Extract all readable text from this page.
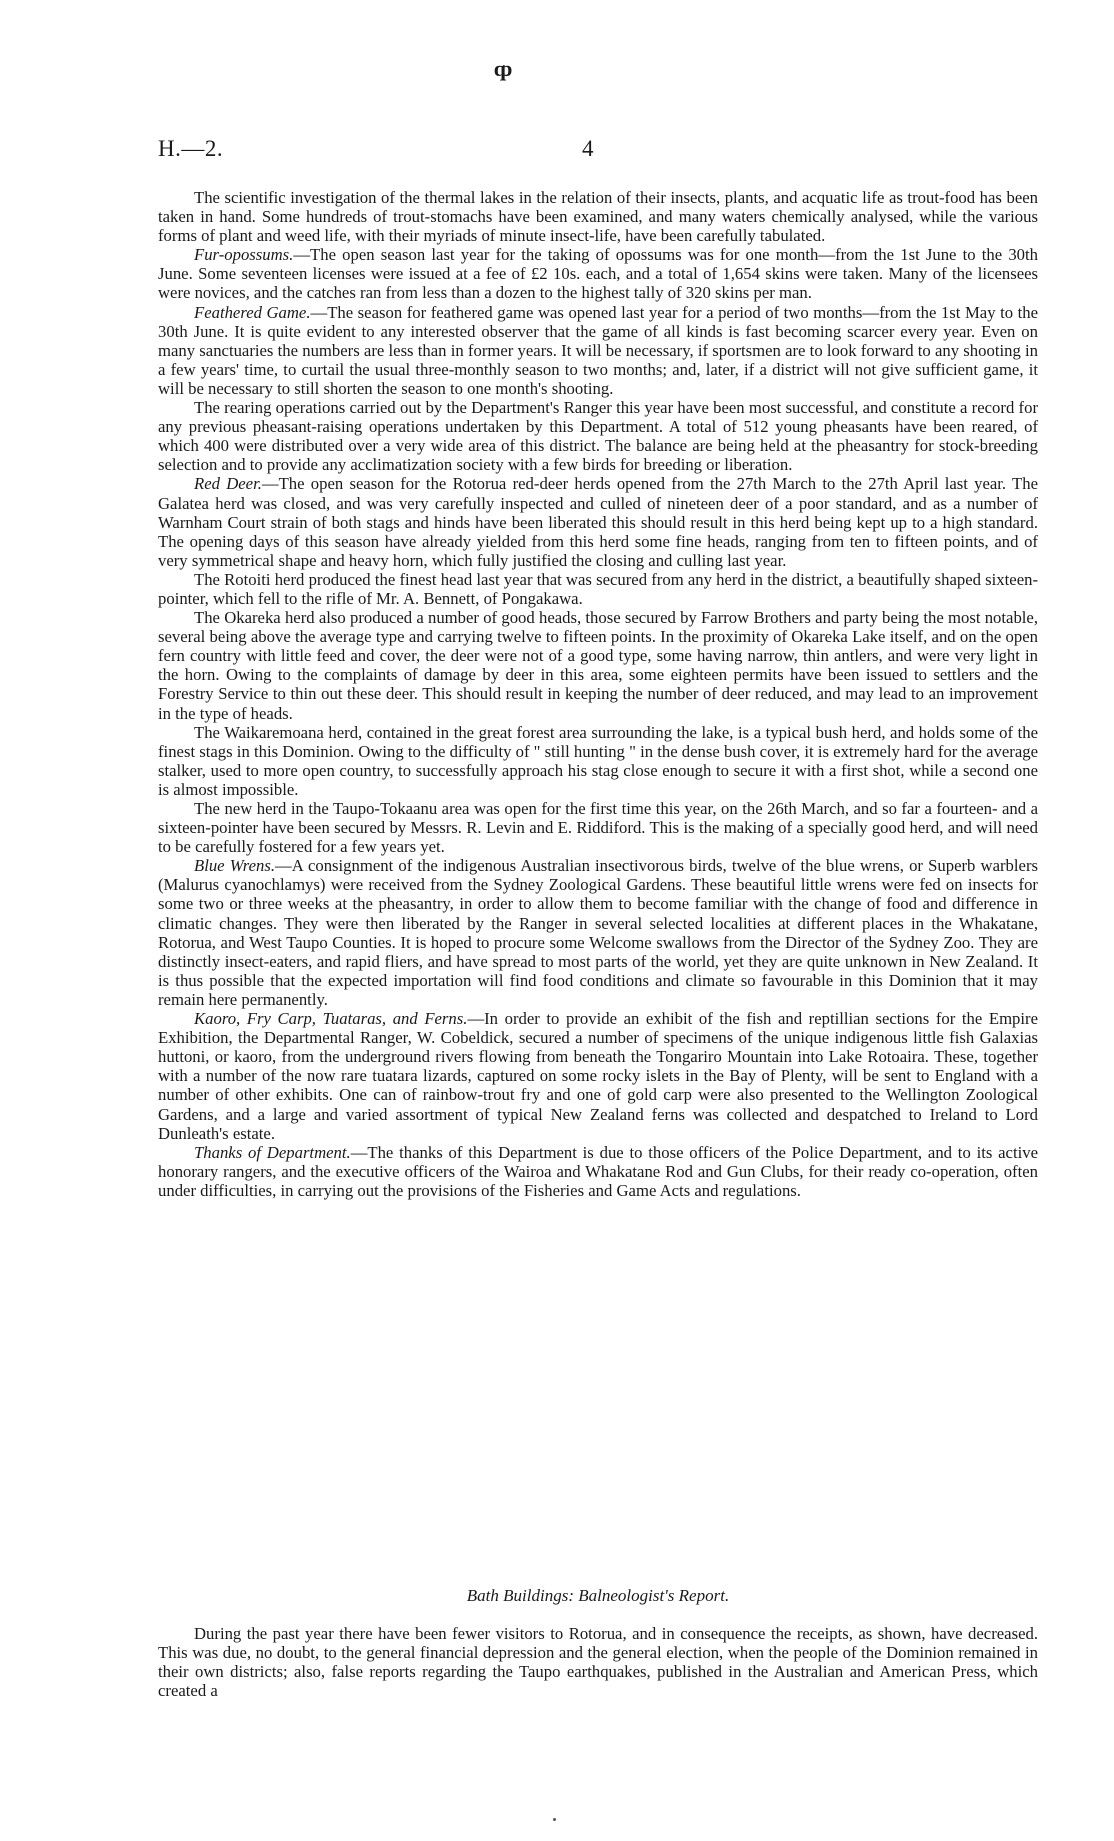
ȹ
H.—2.	4

The scientific investigation of the thermal lakes in the relation of their insects, plants, and acquatic life as trout-food has been taken in hand. Some hundreds of trout-stomachs have been examined, and many waters chemically analysed, while the various forms of plant and weed life, with their myriads of minute insect-life, have been carefully tabulated.

Fur-opossums.—The open season last year for the taking of opossums was for one month—from the 1st June to the 30th June. Some seventeen licenses were issued at a fee of £2 10s. each, and a total of 1,654 skins were taken. Many of the licensees were novices, and the catches ran from less than a dozen to the highest tally of 320 skins per man.

Feathered Game.—The season for feathered game was opened last year for a period of two months—from the 1st May to the 30th June. It is quite evident to any interested observer that the game of all kinds is fast becoming scarcer every year. Even on many sanctuaries the numbers are less than in former years. It will be necessary, if sportsmen are to look forward to any shooting in a few years' time, to curtail the usual three-monthly season to two months; and, later, if a district will not give sufficient game, it will be necessary to still shorten the season to one month's shooting.

The rearing operations carried out by the Department's Ranger this year have been most successful, and constitute a record for any previous pheasant-raising operations undertaken by this Department. A total of 512 young pheasants have been reared, of which 400 were distributed over a very wide area of this district. The balance are being held at the pheasantry for stock-breeding selection and to provide any acclimatization society with a few birds for breeding or liberation.

Red Deer.—The open season for the Rotorua red-deer herds opened from the 27th March to the 27th April last year. The Galatea herd was closed, and was very carefully inspected and culled of nineteen deer of a poor standard, and as a number of Warnham Court strain of both stags and hinds have been liberated this should result in this herd being kept up to a high standard. The opening days of this season have already yielded from this herd some fine heads, ranging from ten to fifteen points, and of very symmetrical shape and heavy horn, which fully justified the closing and culling last year.

The Rotoiti herd produced the finest head last year that was secured from any herd in the district, a beautifully shaped sixteen-pointer, which fell to the rifle of Mr. A. Bennett, of Pongakawa.

The Okareka herd also produced a number of good heads, those secured by Farrow Brothers and party being the most notable, several being above the average type and carrying twelve to fifteen points. In the proximity of Okareka Lake itself, and on the open fern country with little feed and cover, the deer were not of a good type, some having narrow, thin antlers, and were very light in the horn. Owing to the complaints of damage by deer in this area, some eighteen permits have been issued to settlers and the Forestry Service to thin out these deer. This should result in keeping the number of deer reduced, and may lead to an improvement in the type of heads.

The Waikaremoana herd, contained in the great forest area surrounding the lake, is a typical bush herd, and holds some of the finest stags in this Dominion. Owing to the difficulty of " still hunting " in the dense bush cover, it is extremely hard for the average stalker, used to more open country, to successfully approach his stag close enough to secure it with a first shot, while a second one is almost impossible.

The new herd in the Taupo-Tokaanu area was open for the first time this year, on the 26th March, and so far a fourteen- and a sixteen-pointer have been secured by Messrs. R. Levin and E. Riddiford. This is the making of a specially good herd, and will need to be carefully fostered for a few years yet.

Blue Wrens.—A consignment of the indigenous Australian insectivorous birds, twelve of the blue wrens, or Superb warblers (Malurus cyanochlamys) were received from the Sydney Zoological Gardens. These beautiful little wrens were fed on insects for some two or three weeks at the pheasantry, in order to allow them to become familiar with the change of food and difference in climatic changes. They were then liberated by the Ranger in several selected localities at different places in the Whakatane, Rotorua, and West Taupo Counties. It is hoped to procure some Welcome swallows from the Director of the Sydney Zoo. They are distinctly insect-eaters, and rapid fliers, and have spread to most parts of the world, yet they are quite unknown in New Zealand. It is thus possible that the expected importation will find food conditions and climate so favourable in this Dominion that it may remain here permanently.

Kaoro, Fry Carp, Tuataras, and Ferns.—In order to provide an exhibit of the fish and reptillian sections for the Empire Exhibition, the Departmental Ranger, W. Cobeldick, secured a number of specimens of the unique indigenous little fish Galaxias huttoni, or kaoro, from the underground rivers flowing from beneath the Tongariro Mountain into Lake Rotoaira. These, together with a number of the now rare tuatara lizards, captured on some rocky islets in the Bay of Plenty, will be sent to England with a number of other exhibits. One can of rainbow-trout fry and one of gold carp were also presented to the Wellington Zoological Gardens, and a large and varied assortment of typical New Zealand ferns was collected and despatched to Ireland to Lord Dunleath's estate.

Thanks of Department.—The thanks of this Department is due to those officers of the Police Department, and to its active honorary rangers, and the executive officers of the Wairoa and Whakatane Rod and Gun Clubs, for their ready co-operation, often under difficulties, in carrying out the provisions of the Fisheries and Game Acts and regulations.

Bath Buildings: Balneologist's Report.

During the past year there have been fewer visitors to Rotorua, and in consequence the receipts, as shown, have decreased. This was due, no doubt, to the general financial depression and the general election, when the people of the Dominion remained in their own districts; also, false reports regarding the Taupo earthquakes, published in the Australian and American Press, which created a
